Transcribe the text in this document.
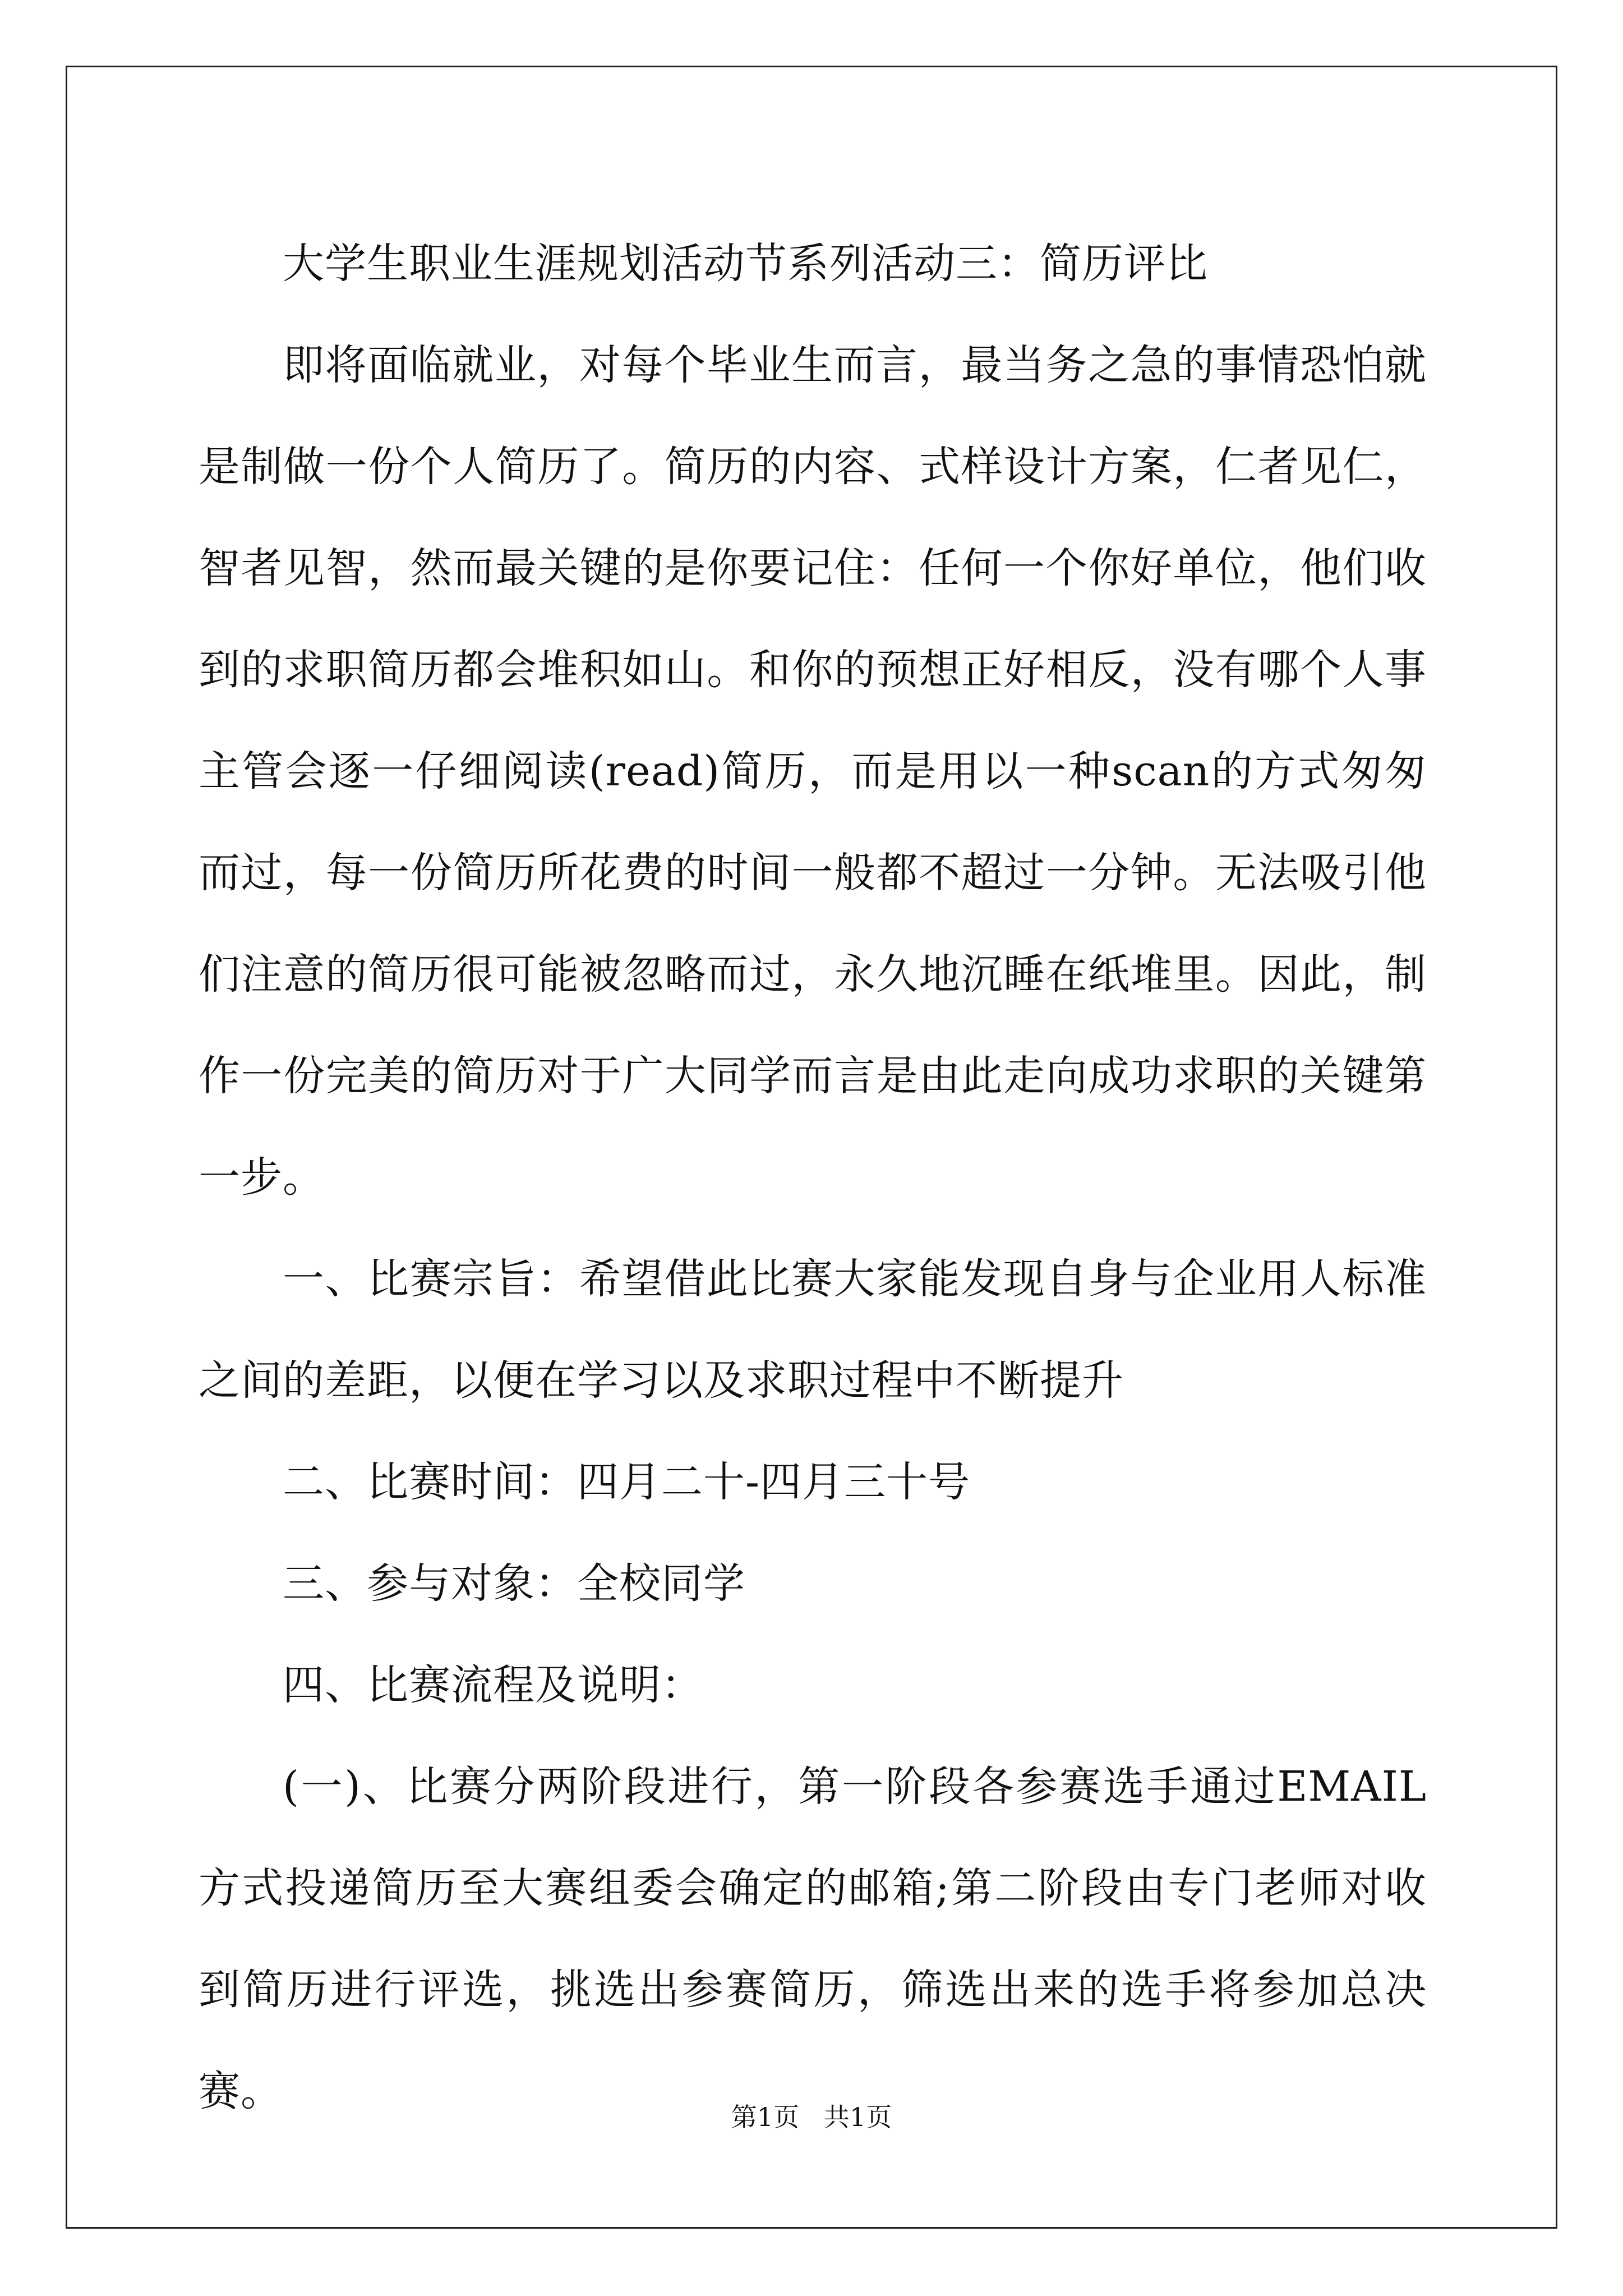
大学生职业生涯规划活动节系列活动三：简历评比

即将面临就业，对每个毕业生而言，最当务之急的事情恐怕就是制做一份个人简历了。简历的内容、式样设计方案，仁者见仁，智者见智，然而最关键的是你要记住：任何一个你好单位，他们收到的求职简历都会堆积如山。和你的预想正好相反，没有哪个人事主管会逐一仔细阅读(read)简历，而是用以一种scan的方式匆匆而过，每一份简历所花费的时间一般都不超过一分钟。无法吸引他们注意的简历很可能被忽略而过，永久地沉睡在纸堆里。因此，制作一份完美的简历对于广大同学而言是由此走向成功求职的关键第一步。

一、比赛宗旨：希望借此比赛大家能发现自身与企业用人标准之间的差距，以便在学习以及求职过程中不断提升

二、比赛时间：四月二十-四月三十号

三、参与对象：全校同学

四、比赛流程及说明：

(一)、比赛分两阶段进行，第一阶段各参赛选手通过EMAIL方式投递简历至大赛组委会确定的邮箱;第二阶段由专门老师对收到简历进行评选，挑选出参赛简历，筛选出来的选手将参加总决赛。

第1页   共1页
